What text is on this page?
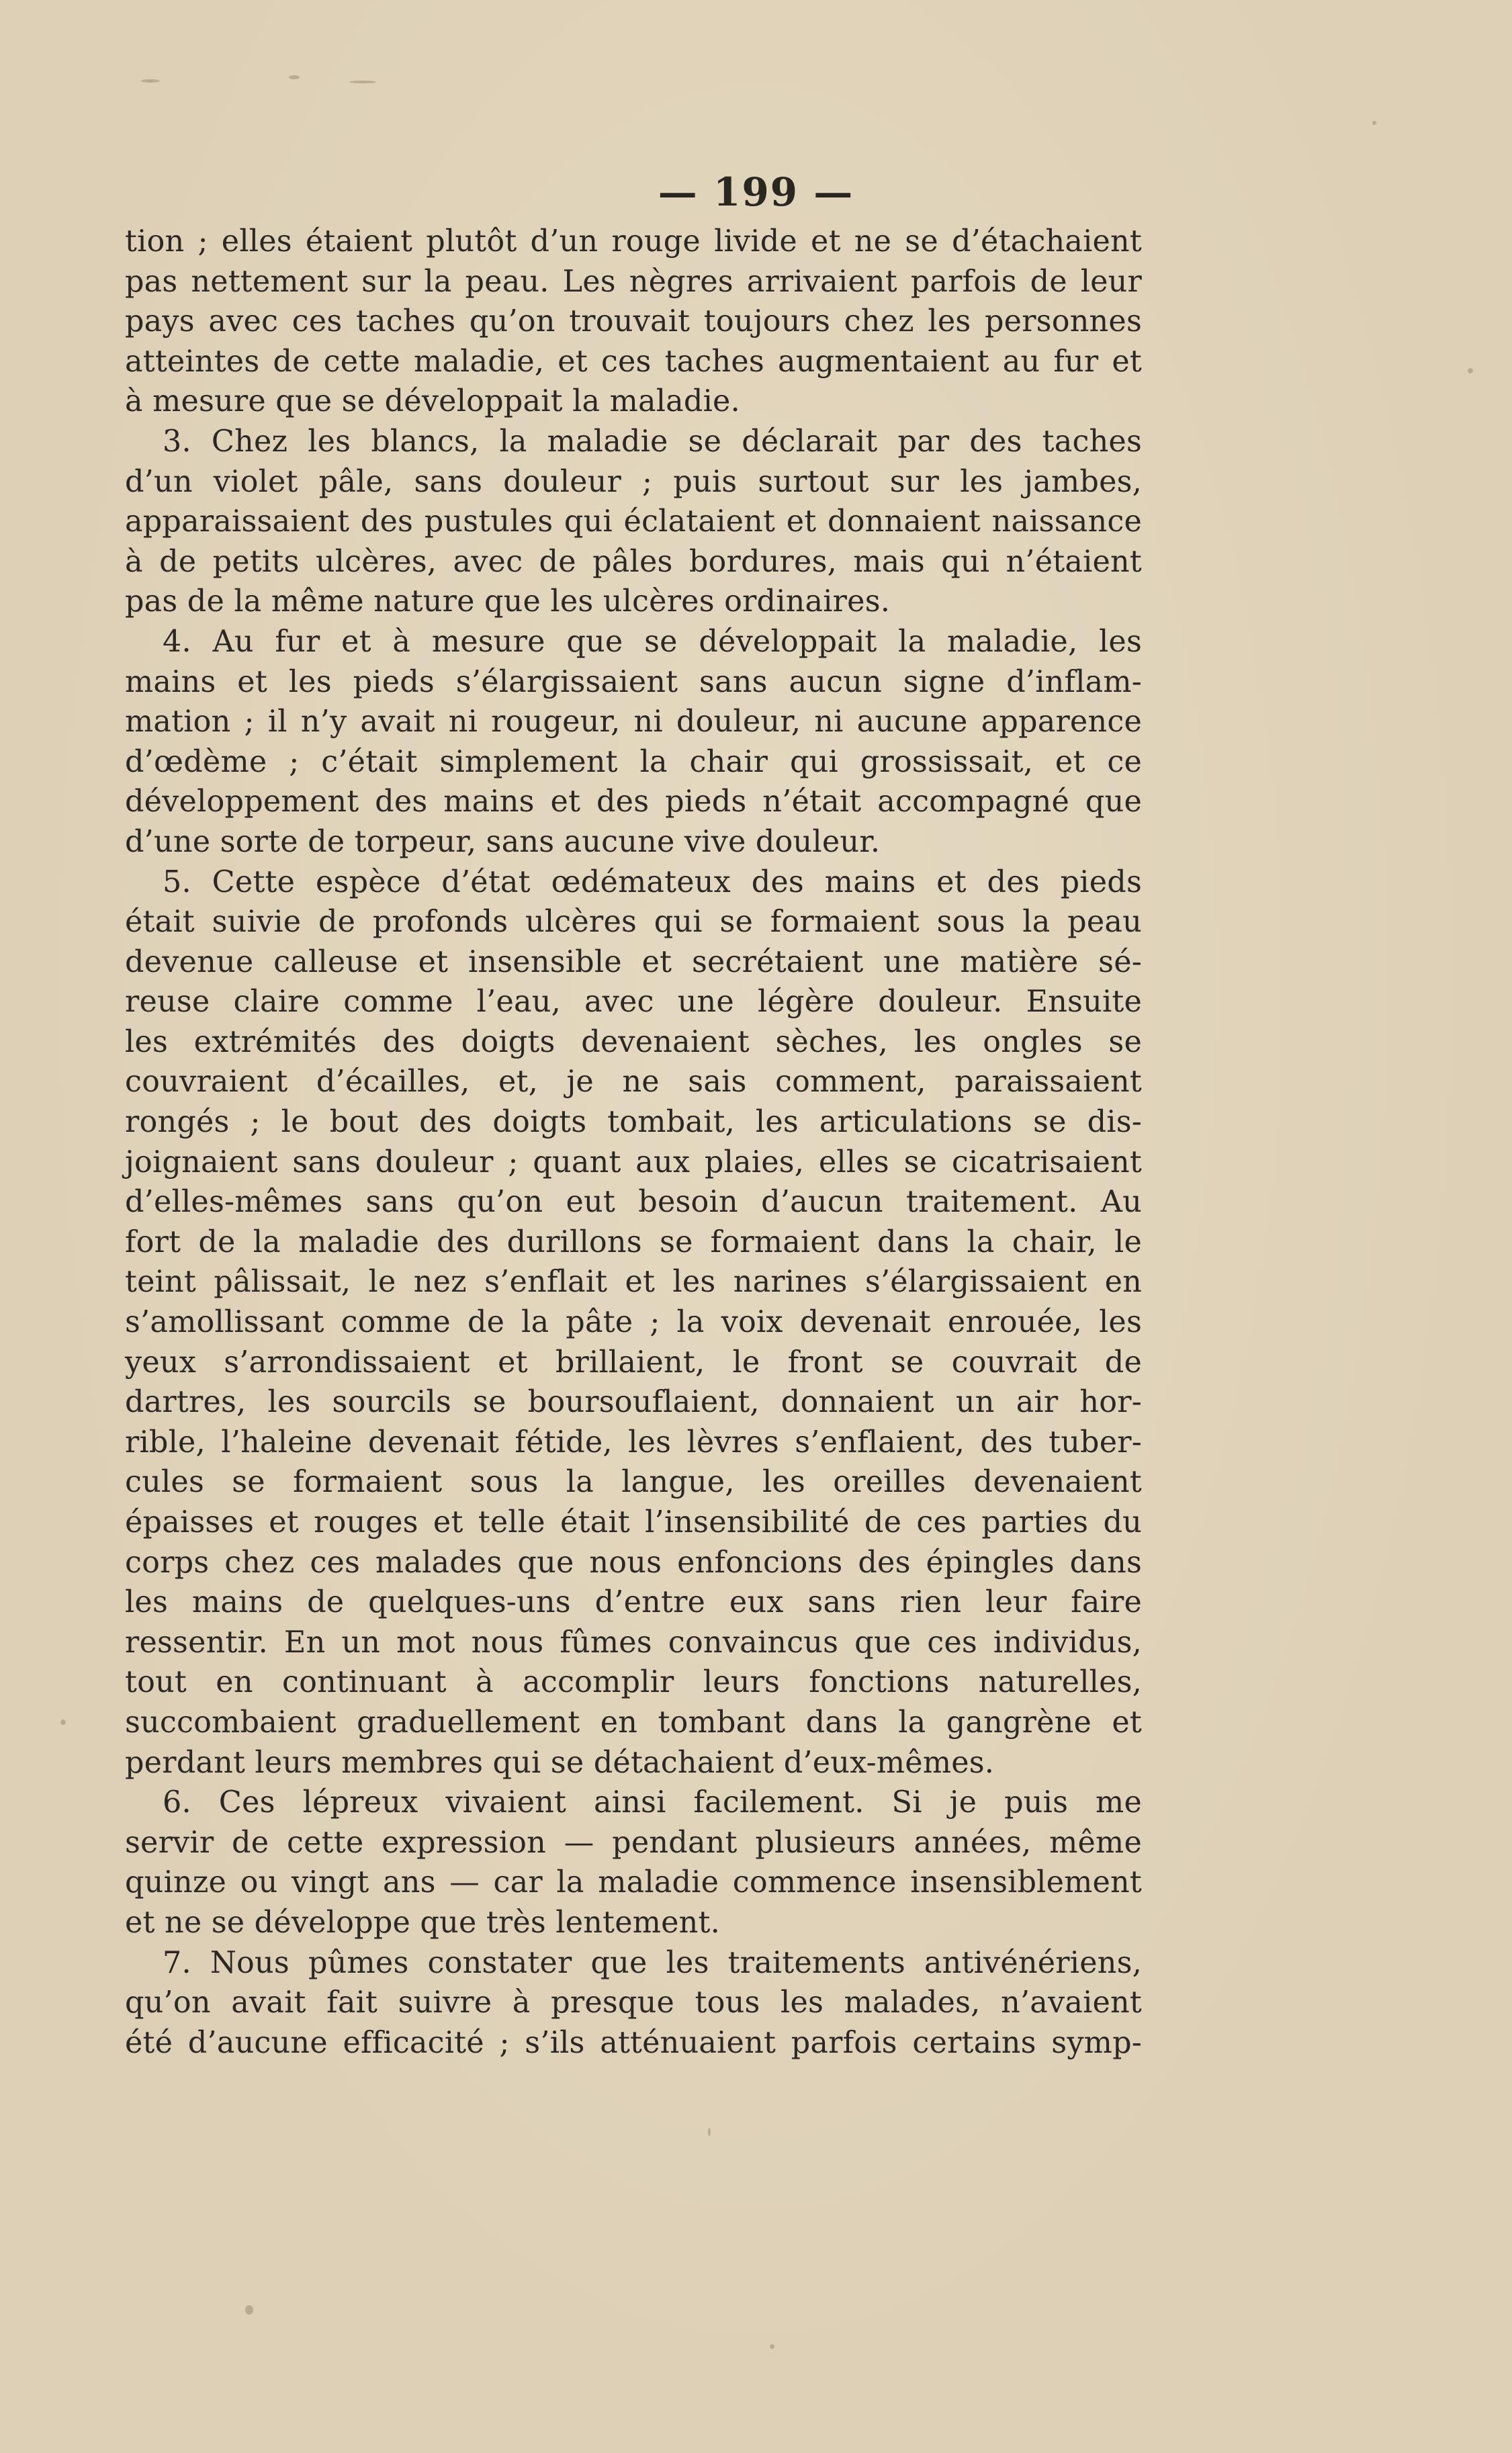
— 199 —
tion ; elles étaient plutôt d’un rouge livide et ne se d’étachaient
pas nettement sur la peau. Les nègres arrivaient parfois de leur
pays avec ces taches qu’on trouvait toujours chez les personnes
atteintes de cette maladie, et ces taches augmentaient au fur et
à mesure que se développait la maladie.
3. Chez les blancs, la maladie se déclarait par des taches
d’un violet pâle, sans douleur ; puis surtout sur les jambes,
apparaissaient des pustules qui éclataient et donnaient naissance
à de petits ulcères, avec de pâles bordures, mais qui n’étaient
pas de la même nature que les ulcères ordinaires.
4. Au fur et à mesure que se développait la maladie, les
mains et les pieds s’élargissaient sans aucun signe d’inflam-
mation ; il n’y avait ni rougeur, ni douleur, ni aucune apparence
d’œdème ; c’était simplement la chair qui grossissait, et ce
développement des mains et des pieds n’était accompagné que
d’une sorte de torpeur, sans aucune vive douleur.
5. Cette espèce d’état œdémateux des mains et des pieds
était suivie de profonds ulcères qui se formaient sous la peau
devenue calleuse et insensible et secrétaient une matière sé-
reuse claire comme l’eau, avec une légère douleur. Ensuite
les extrémités des doigts devenaient sèches, les ongles se
couvraient d’écailles, et, je ne sais comment, paraissaient
rongés ; le bout des doigts tombait, les articulations se dis-
joignaient sans douleur ; quant aux plaies, elles se cicatrisaient
d’elles-mêmes sans qu’on eut besoin d’aucun traitement. Au
fort de la maladie des durillons se formaient dans la chair, le
teint pâlissait, le nez s’enflait et les narines s’élargissaient en
s’amollissant comme de la pâte ; la voix devenait enrouée, les
yeux s’arrondissaient et brillaient, le front se couvrait de
dartres, les sourcils se boursouflaient, donnaient un air hor-
rible, l’haleine devenait fétide, les lèvres s’enflaient, des tuber-
cules se formaient sous la langue, les oreilles devenaient
épaisses et rouges et telle était l’insensibilité de ces parties du
corps chez ces malades que nous enfoncions des épingles dans
les mains de quelques-uns d’entre eux sans rien leur faire
ressentir. En un mot nous fûmes convaincus que ces individus,
tout en continuant à accomplir leurs fonctions naturelles,
succombaient graduellement en tombant dans la gangrène et
perdant leurs membres qui se détachaient d’eux-mêmes.
6. Ces lépreux vivaient ainsi facilement. Si je puis me
servir de cette expression — pendant plusieurs années, même
quinze ou vingt ans — car la maladie commence insensiblement
et ne se développe que très lentement.
7. Nous pûmes constater que les traitements antivénériens,
qu’on avait fait suivre à presque tous les malades, n’avaient
été d’aucune efficacité ; s’ils atténuaient parfois certains symp-
